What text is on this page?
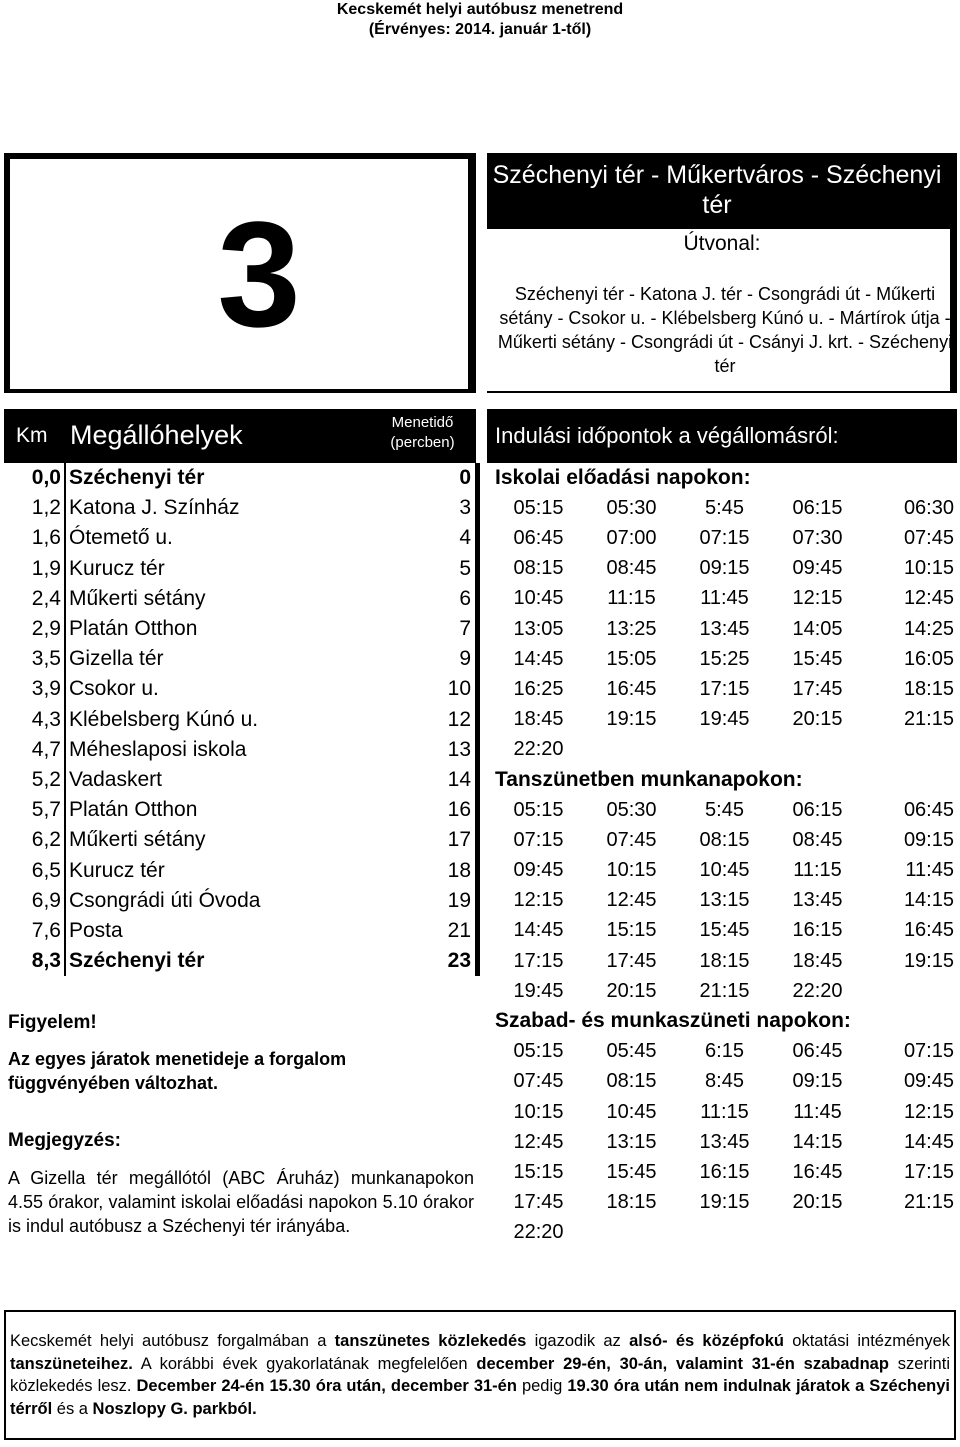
Kecskemét helyi autóbusz menetrend
(Érvényes: 2014. január 1-től)
3
Széchenyi tér - Műkertváros - Széchenyi tér
Útvonal:
Széchenyi tér - Katona J. tér - Csongrádi út - Műkerti sétány - Csokor u. - Klébelsberg Kúnó u. - Mártírok útja - Műkerti sétány - Csongrádi út - Csányi J. krt. - Széchenyi tér
Km Megállóhelyek	Menetidő
(percben)	Indulási időpontok a végállomásról:
0,0 Széchenyi tér	0
1,2 Katona J. Színház	3
1,6 Ótemető u.	4
1,9 Kurucz tér	5
2,4 Műkerti sétány	6
2,9 Platán Otthon	7
3,5 Gizella tér	9
3,9 Csokor u.	10
4,3 Klébelsberg Kúnó u.	12
4,7 Méheslaposi iskola	13
5,2 Vadaskert	14
5,7 Platán Otthon	16
6,2 Műkerti sétány	17
6,5 Kurucz tér	18
6,9 Csongrádi úti Óvoda	19
7,6 Posta	21
8,3 Széchenyi tér	23
Iskolai előadási napokon:
05:15	05:30	5:45	06:15	06:30
06:45	07:00	07:15	07:30	07:45
08:15	08:45	09:15	09:45	10:15
10:45	11:15	11:45	12:15	12:45
13:05	13:25	13:45	14:05	14:25
14:45	15:05	15:25	15:45	16:05
16:25	16:45	17:15	17:45	18:15
18:45	19:15	19:45	20:15	21:15
22:20
Tanszünetben munkanapokon:
05:15	05:30	5:45	06:15	06:45
07:15	07:45	08:15	08:45	09:15
09:45	10:15	10:45	11:15	11:45
12:15	12:45	13:15	13:45	14:15
14:45	15:15	15:45	16:15	16:45
17:15	17:45	18:15	18:45	19:15
19:45	20:15	21:15	22:20
Szabad- és munkaszüneti napokon:
05:15	05:45	6:15	06:45	07:15
07:45	08:15	8:45	09:15	09:45
10:15	10:45	11:15	11:45	12:15
12:45	13:15	13:45	14:15	14:45
15:15	15:45	16:15	16:45	17:15
17:45	18:15	19:15	20:15	21:15
22:20
Figyelem!
Az egyes járatok menetideje a forgalom függvényében változhat.
Megjegyzés:
A Gizella tér megállótól (ABC Áruház) munkanapokon 4.55 órakor, valamint iskolai előadási napokon 5.10 órakor is indul autóbusz a Széchenyi tér irányába.
Kecskemét helyi autóbusz forgalmában a tanszünetes közlekedés igazodik az alsó- és középfokú oktatási intézmények tanszüneteihez. A korábbi évek gyakorlatának megfelelően december 29-én, 30-án, valamint 31-én szabadnap szerinti közlekedés lesz. December 24-én 15.30 óra után, december 31-én pedig 19.30 óra után nem indulnak járatok a Széchenyi térről és a Noszlopy G. parkból.
